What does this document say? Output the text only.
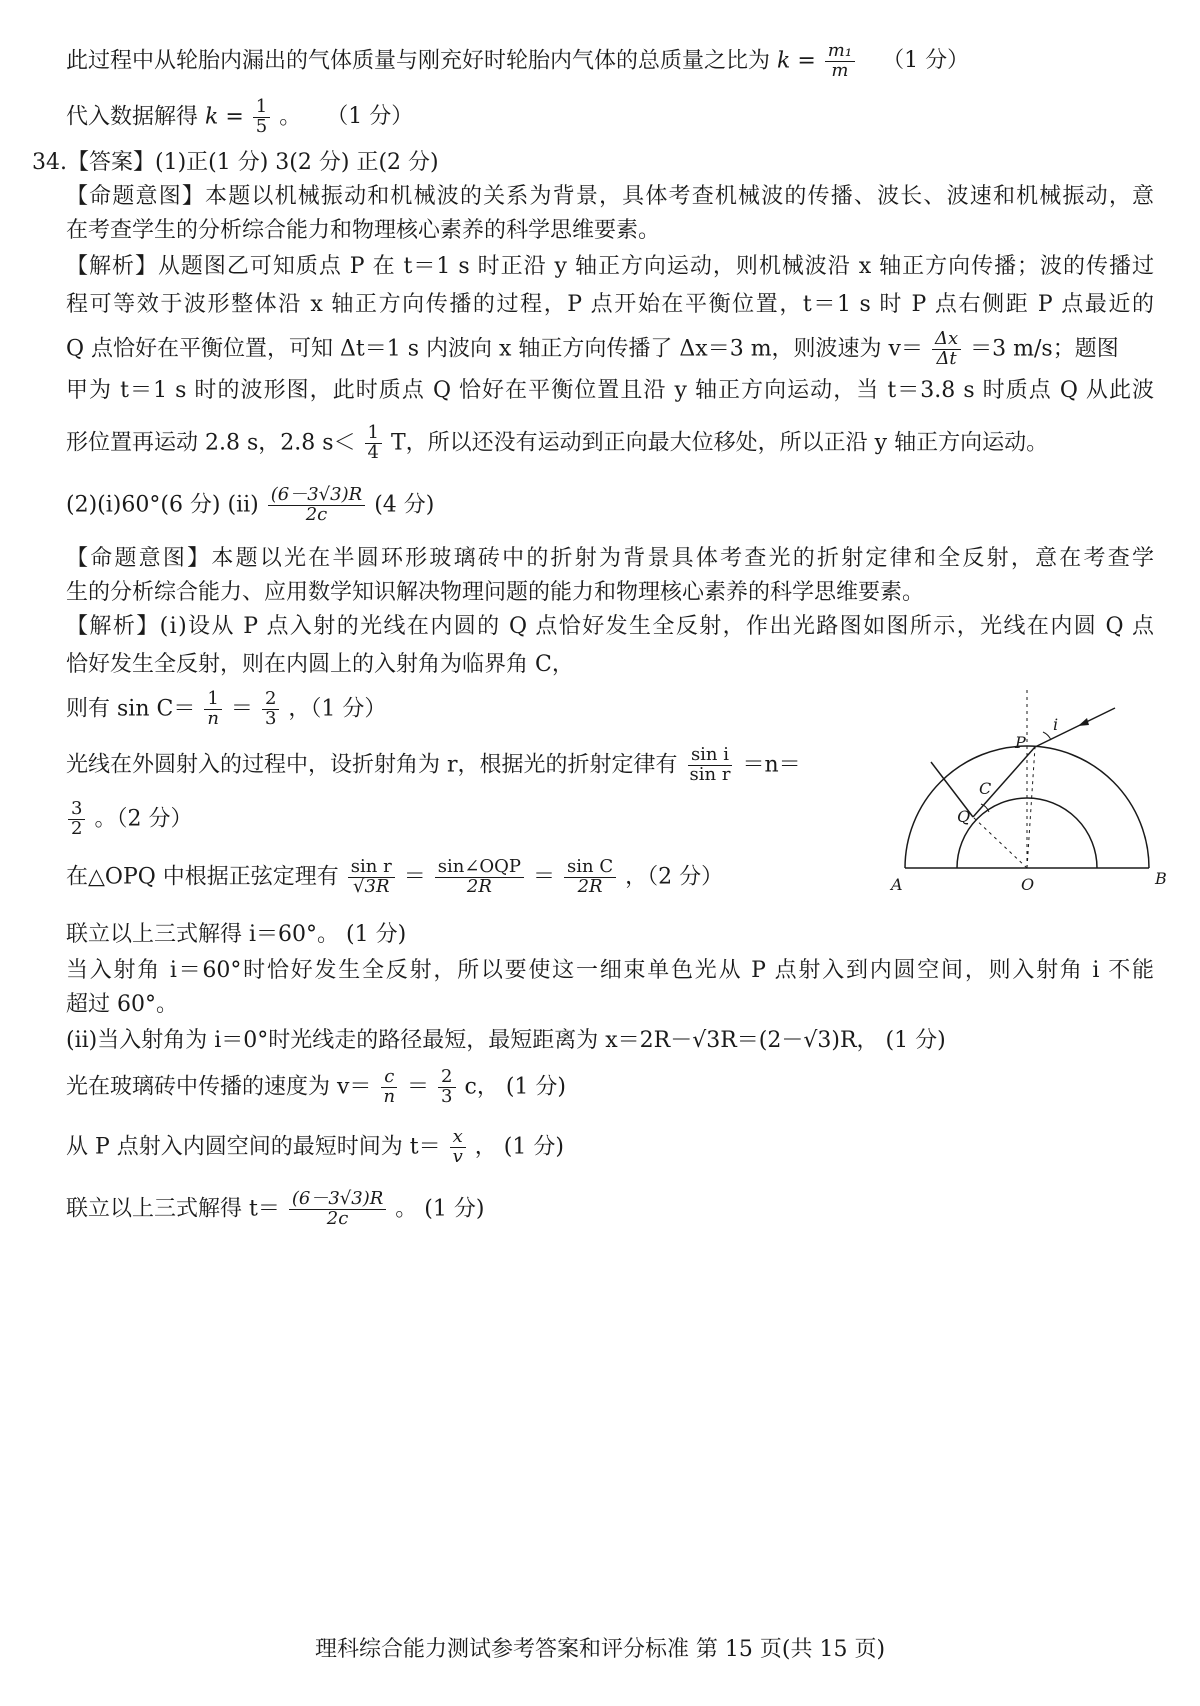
此过程中从轮胎内漏出的气体质量与刚充好时轮胎内气体的总质量之比为 $k = \frac{\text{m₁}}{m} (1$ 分）
代入数据解得 $k = \frac{1}{5}$ 。 （1 分）
34.【答案】(1)正(1 分) 3(2 分) 正(2 分)
【命题意图】本题以机械振动和机械波的关系为背景，具体考查机械波的传播、波长、波速和机械振动，意
在考查学生的分析综合能力和物理核心素养的科学思维要素。
【解析】从题图乙可知质点 P 在 t＝1 s 时正沿 y 轴正方向运动，则机械波沿 x 轴正方向传播；波的传播过
程可等效于波形整体沿 x 轴正方向传播的过程，P 点开始在平衡位置，t＝1 s 时 P 点右侧距 P 点最近的
Q 点恰好在平衡位置，可知 Δt＝1 s 内波向 x 轴正方向传播了 Δx＝3 m，则波速为 $v= \frac{\Delta x}{\Delta t} =3$ m/s；题图
甲为 t＝1 s 时的波形图，此时质点 Q 恰好在平衡位置且沿 y 轴正方向运动，当 t＝3.8 s 时质点 Q 从此波
形位置再运动 2.8 s，2.8 $s< \frac{1}{4}$ T，所以还没有运动到正向最大位移处，所以正沿 y 轴正方向运动。
(2)(ⅰ)60°(6 分) (ⅱ) $\frac{(6-3√3)R}{2c} (4$ 分)
【命题意图】本题以光在半圆环形玻璃砖中的折射为背景具体考查光的折射定律和全反射，意在考查学
生的分析综合能力、应用数学知识解决物理问题的能力和物理核心素养的科学思维要素。
【解析】(ⅰ)设从 P 点入射的光线在内圆的 Q 点恰好发生全反射，作出光路图如图所示，光线在内圆 Q 点
恰好发生全反射，则在内圆上的入射角为临界角 C，
则有 $\sin C= \frac{1}{n} = \frac{2}{3}$ ，（1 分）
光线在外圆射入的过程中，设折射角为 r，根据光的折射定律有 $\frac{\text{sin i}}{\text{sin r}} =n=$
$\frac{3}{2}$ 。（2 分）
在△OPQ 中根据正弦定理有 $\frac{\text{sin r}}{√3R} = \frac{\text{sin∠OQP}}{2R} = \frac{\text{sin C}}{2R}$ ，（2 分）
联立以上三式解得 i＝60°。 (1 分)
当入射角 i＝60°时恰好发生全反射，所以要使这一细束单色光从 P 点射入到内圆空间，则入射角 i 不能
超过 60°。
(ⅱ)当入射角为 i＝0°时光线走的路径最短，最短距离为 x＝2R－√3R＝(2－√3)R， (1 分)
光在玻璃砖中传播的速度为 $v= \frac{c}{n} = \frac{2}{3}$ c， (1 分)
从 P 点射入内圆空间的最短时间为 $t= \frac{x}{v}$ ， (1 分)
联立以上三式解得 $t= \frac{(6-3√3)R}{2c}$ 。 (1 分)
i
P
C
Q
A	O	B
理科综合能力测试参考答案和评分标准 第 15 页(共 15 页)
